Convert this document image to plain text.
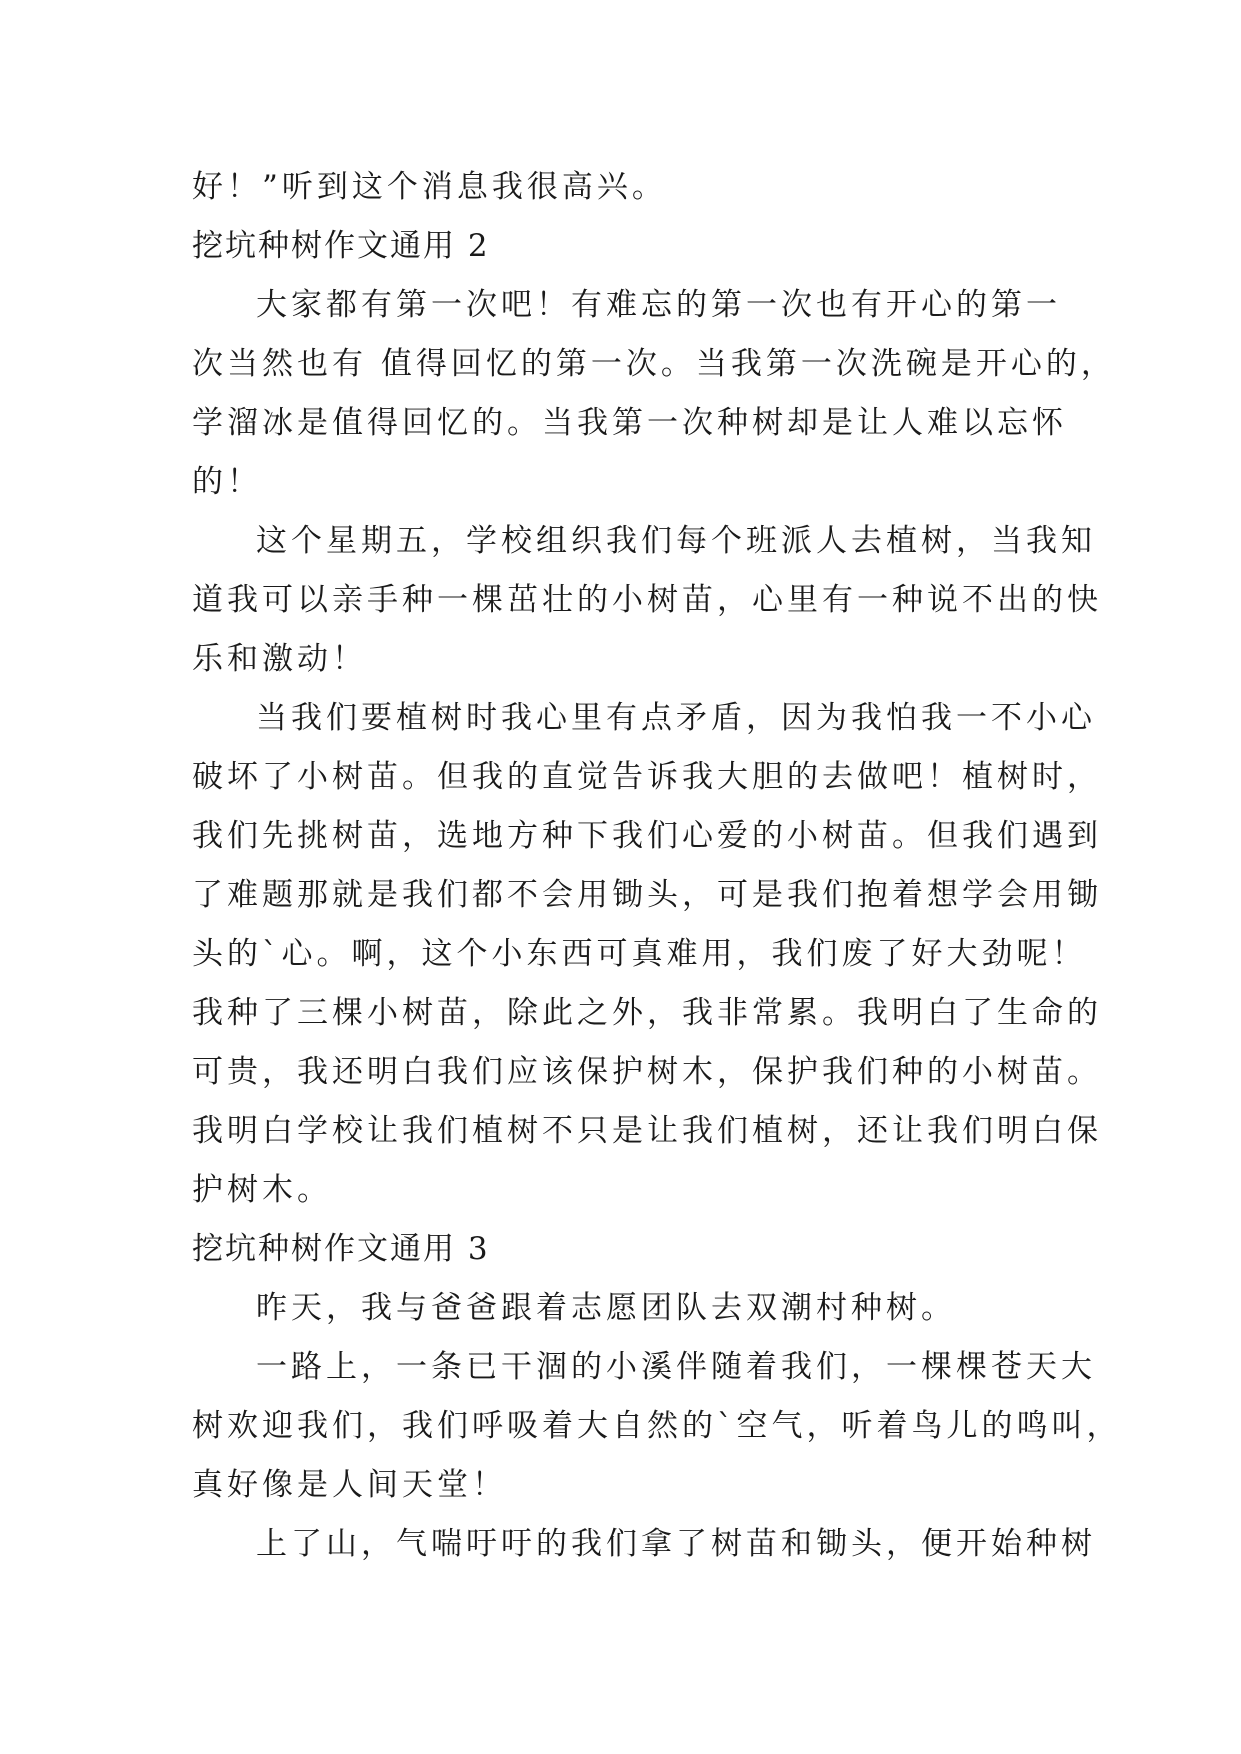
好！”听到这个消息我很高兴。
挖坑种树作文通用 2
大家都有第一次吧！有难忘的第一次也有开心的第一
次当然也有 值得回忆的第一次。当我第一次洗碗是开心的，
学溜冰是值得回忆的。当我第一次种树却是让人难以忘怀
的！
这个星期五，学校组织我们每个班派人去植树，当我知
道我可以亲手种一棵茁壮的小树苗，心里有一种说不出的快
乐和激动！
当我们要植树时我心里有点矛盾，因为我怕我一不小心
破坏了小树苗。但我的直觉告诉我大胆的去做吧！植树时，
我们先挑树苗，选地方种下我们心爱的小树苗。但我们遇到
了难题那就是我们都不会用锄头，可是我们抱着想学会用锄
头的`心。啊，这个小东西可真难用，我们废了好大劲呢！
我种了三棵小树苗，除此之外，我非常累。我明白了生命的
可贵，我还明白我们应该保护树木，保护我们种的小树苗。
我明白学校让我们植树不只是让我们植树，还让我们明白保
护树木。
挖坑种树作文通用 3
昨天，我与爸爸跟着志愿团队去双潮村种树。
一路上，一条已干涸的小溪伴随着我们，一棵棵苍天大
树欢迎我们，我们呼吸着大自然的`空气，听着鸟儿的鸣叫，
真好像是人间天堂！
上了山，气喘吁吁的我们拿了树苗和锄头，便开始种树
